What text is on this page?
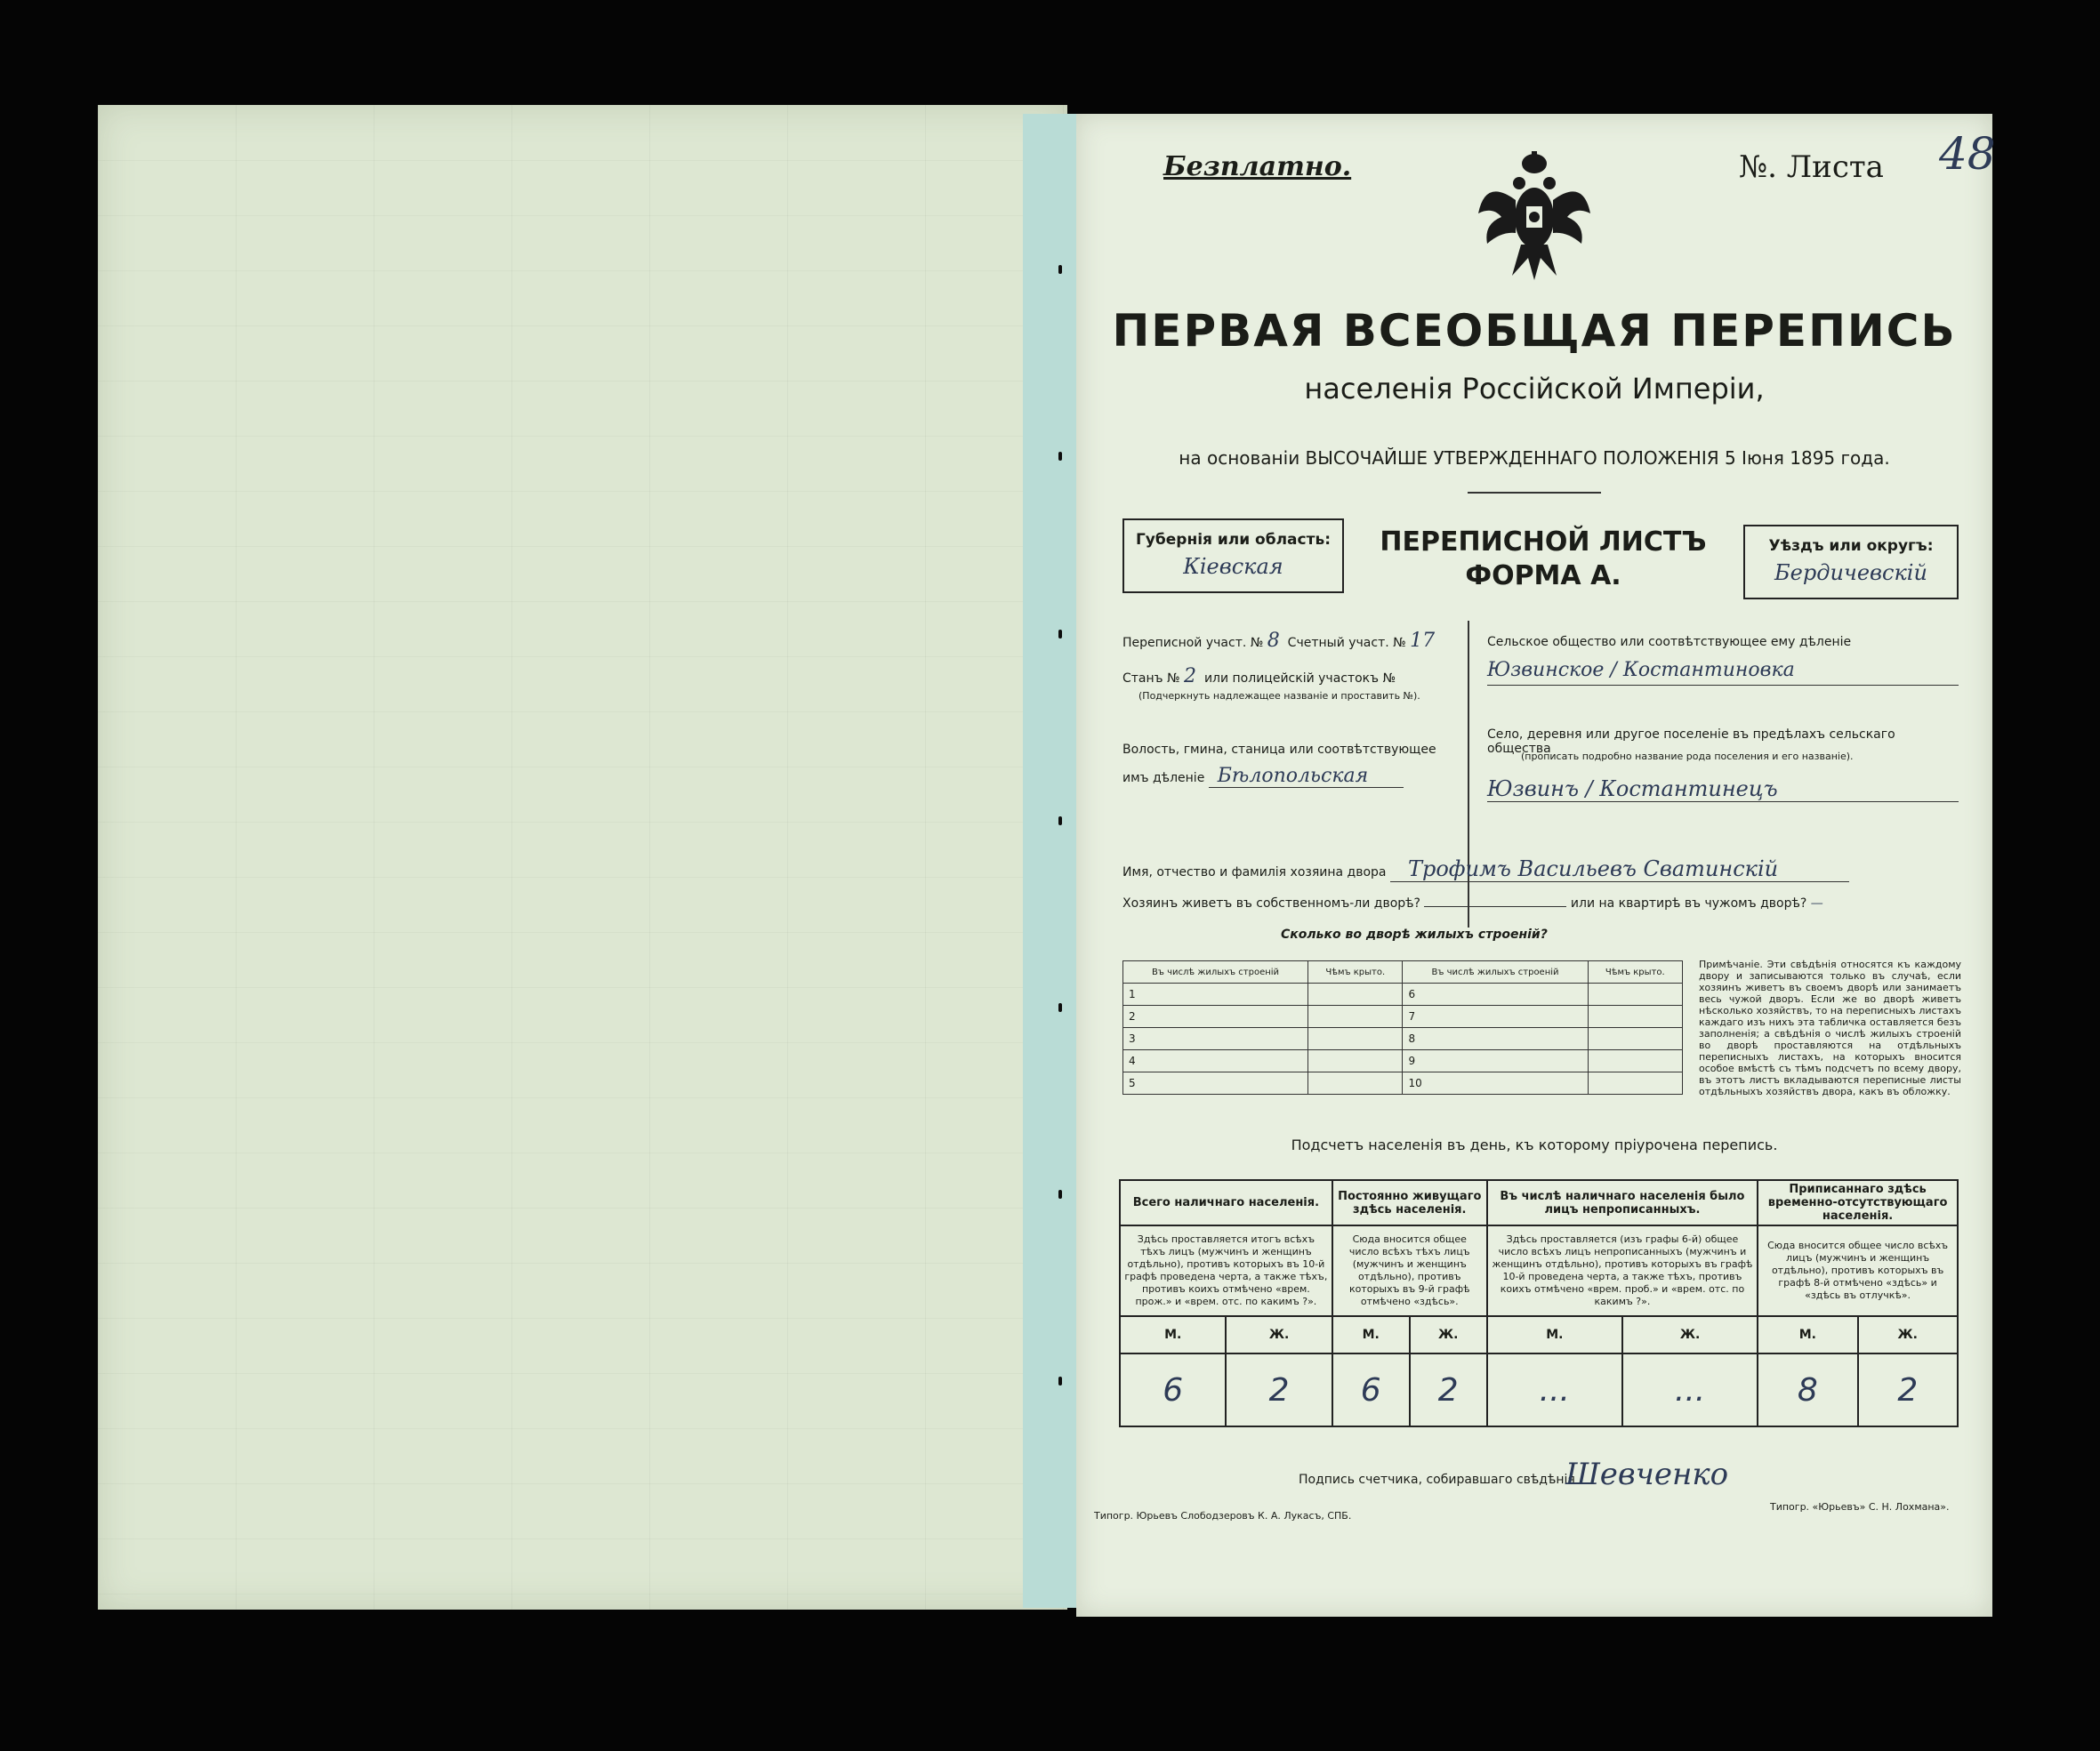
Безплатно.	№. Листа 48
ПЕРВАЯ ВСЕОБЩАЯ ПЕРЕПИСЬ
населенія Россійской Имперіи,
на основаніи ВЫСОЧАЙШЕ УТВЕРЖДЕННАГО ПОЛОЖЕНІЯ 5 Іюня 1895 года.
Губернія или область:
Кiевская
ПЕРЕПИСНОЙ ЛИСТЪ
ФОРМА А.
Уѣздъ или округъ:
Бердичевскiй
Переписной участ. № 8 Счетный участ. № 17
Станъ № 2 или полицейскій участокъ №
(Подчеркнуть надлежащее названіе и проставить №).
Волость, гмина, станица или соотвѣтствующее имъ дѣленіе Бѣлопольская
Сельское общество или соотвѣтствующее ему дѣленіе
Юзвинское / Костантиновка
Село, деревня или другое поселеніе въ предѣлахъ сельскаго общества
(прописать подробно название рода поселения и его названіе).
Юзвинъ / Костантинецъ
Имя, отчество и фамилія хозяина двора Трофимъ Васильевъ Сватинскiй
Хозяинъ живетъ въ собственномъ-ли дворѣ?	или на квартирѣ въ чужомъ дворѣ? —
Сколько во дворѣ жилыхъ строеній?
Въ числѣ жилыхъ строеній	Чѣмъ крыто.	Въ числѣ жилыхъ строеній	Чѣмъ крыто.
1		6	
2		7	
3		8	
4		9	
5		10	
Примѣчаніе. Эти свѣдѣнія относятся къ каждому двору и записываются только въ случаѣ, если хозяинъ живетъ въ своемъ дворѣ или занимаетъ весь чужой дворъ. Если же во дворѣ живетъ нѣсколько хозяйствъ, то на переписныхъ листахъ каждаго изъ нихъ эта табличка оставляется безъ заполненія; а свѣдѣнія о числѣ жилыхъ строеній во дворѣ проставляются на отдѣльныхъ переписныхъ листахъ, на которыхъ вносится особое вмѣстѣ съ тѣмъ подсчетъ по всему двору, въ этотъ листъ вкладываются переписные листы отдѣльныхъ хозяйствъ двора, какъ въ обложку.
Подсчетъ населенія въ день, къ которому пріурочена перепись.
Всего наличнаго населенія.		Постоянно живущаго здѣсь населенія.		Въ числѣ наличнаго населенія было лицъ непрописанныхъ.		Приписаннаго здѣсь временно-отсутствующаго населенія.	
Здѣсь проставляется итогъ всѣхъ тѣхъ лицъ (мужчинъ и женщинъ отдѣльно), противъ которыхъ въ 10-й графѣ проведена черта, а также тѣхъ, противъ коихъ отмѣчено «врем. прож.» и «врем. отс. по какимъ ?».		Сюда вносится общее число всѣхъ тѣхъ лицъ (мужчинъ и женщинъ отдѣльно), противъ которыхъ въ 9-й графѣ отмѣчено «здѣсь».		Здѣсь проставляется (изъ графы 6-й) общее число всѣхъ лицъ непрописанныхъ (мужчинъ и женщинъ отдѣльно), противъ которыхъ въ графѣ 10-й проведена черта, а также тѣхъ, противъ коихъ отмѣчено «врем. проб.» и «врем. отс. по какимъ ?».		Сюда вносится общее число всѣхъ лицъ (мужчинъ и женщинъ отдѣльно), противъ которыхъ въ графѣ 8-й отмѣчено «здѣсь» и «здѣсь въ отлучкѣ».	
М.	Ж.	М.	Ж.	М.	Ж.	М.	Ж.
6	2	6	2	...	...	8	2
Подпись счетчика, собиравшаго свѣдѣнія
Шевченко
Типогр. Юрьевъ Слободзеровъ К. А. Лукасъ, СПБ.
Типогр. «Юрьевъ» С. Н. Лохмана».
